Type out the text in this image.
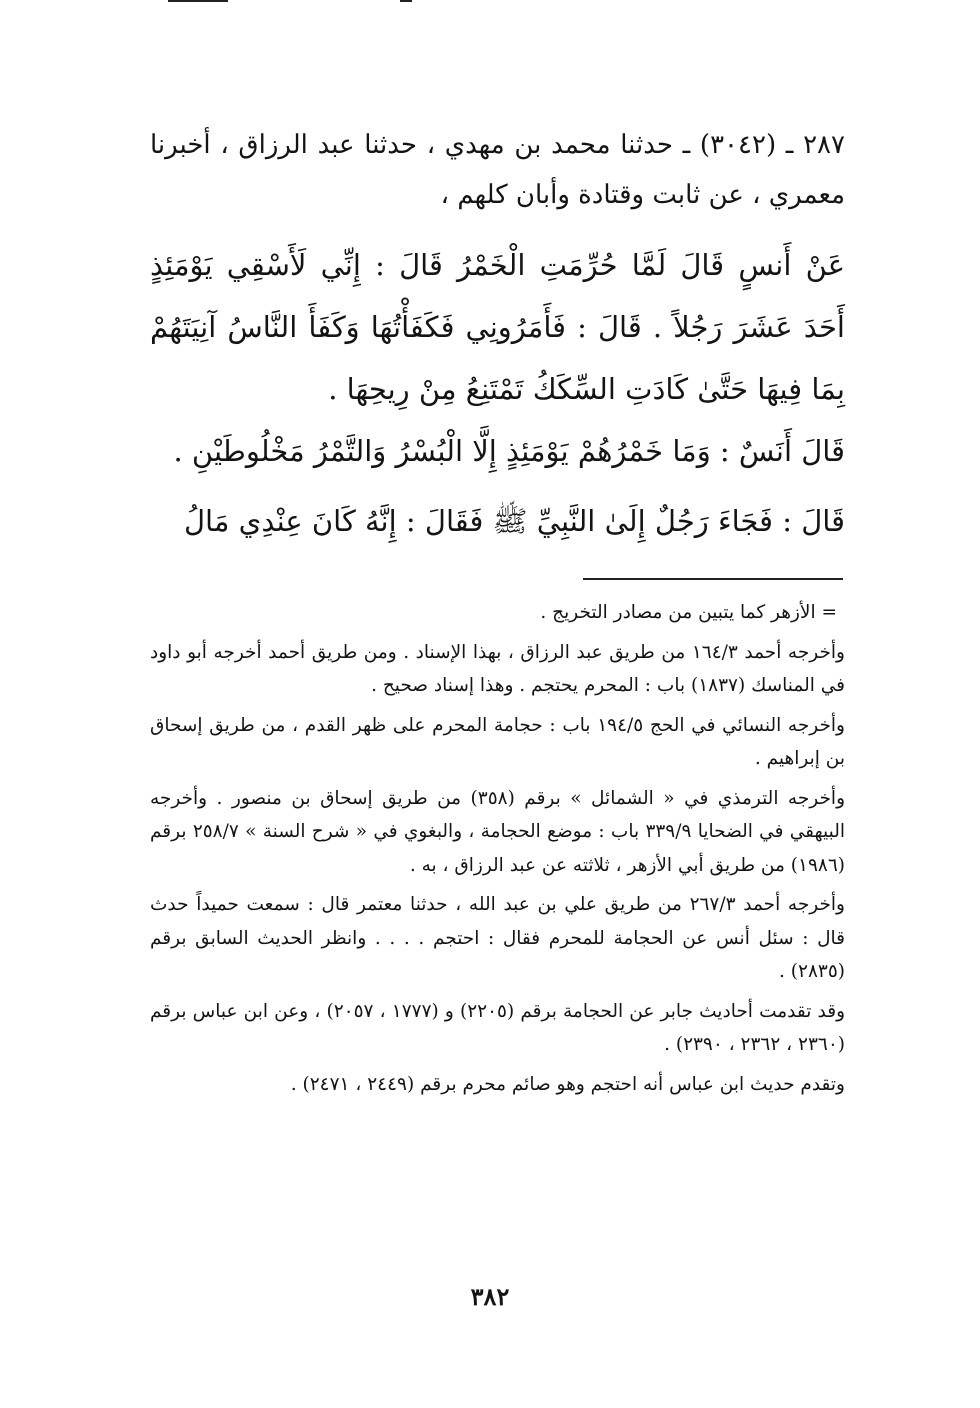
٢٨٧ ـ (٣٠٤٢) ـ حدثنا محمد بن مهدي ، حدثنا عبد الرزاق ، أخبرنا معمري ، عن ثابت وقتادة وأبان كلهم ،

عَنْ أَنسٍ قَالَ لَمَّا حُرِّمَتِ الْخَمْرُ قَالَ : إِنِّي لَأَسْقِي يَوْمَئِذٍ أَحَدَ عَشَرَ رَجُلاً . قَالَ : فَأَمَرُونِي فَكَفَأْتُهَا وَكَفَأَ النَّاسُ آنِيَتَهُمْ بِمَا فِيهَا حَتَّىٰ كَادَتِ السِّكَكُ تَمْتَنِعُ مِنْ رِيحِهَا .

قَالَ أَنَسٌ : وَمَا خَمْرُهُمْ يَوْمَئِذٍ إِلَّا الْبُسْرُ وَالتَّمْرُ مَخْلُوطَيْنِ .

قَالَ : فَجَاءَ رَجُلٌ إِلَىٰ النَّبِيِّ ﷺ فَقَالَ : إِنَّهُ كَانَ عِنْدِي مَالُ

= الأزهر كما يتبين من مصادر التخريج .

وأخرجه أحمد ١٦٤/٣ من طريق عبد الرزاق ، بهذا الإسناد . ومن طريق أحمد أخرجه أبو داود في المناسك (١٨٣٧) باب : المحرم يحتجم . وهذا إسناد صحيح .

وأخرجه النسائي في الحج ١٩٤/٥ باب : حجامة المحرم على ظهر القدم ، من طريق إسحاق بن إبراهيم .

وأخرجه الترمذي في « الشمائل » برقم (٣٥٨) من طريق إسحاق بن منصور . وأخرجه البيهقي في الضحايا ٣٣٩/٩ باب : موضع الحجامة ، والبغوي في « شرح السنة » ٢٥٨/٧ برقم (١٩٨٦) من طريق أبي الأزهر ، ثلاثته عن عبد الرزاق ، به .

وأخرجه أحمد ٢٦٧/٣ من طريق علي بن عبد الله ، حدثنا معتمر قال : سمعت حميداً حدث قال : سئل أنس عن الحجامة للمحرم فقال : احتجم . . . . وانظر الحديث السابق برقم (٢٨٣٥) .

وقد تقدمت أحاديث جابر عن الحجامة برقم (٢٢٠٥) و (١٧٧٧ ، ٢٠٥٧) ، وعن ابن عباس برقم (٢٣٦٠ ، ٢٣٦٢ ، ٢٣٩٠) .

وتقدم حديث ابن عباس أنه احتجم وهو صائم محرم برقم (٢٤٤٩ ، ٢٤٧١) .

٣٨٢
